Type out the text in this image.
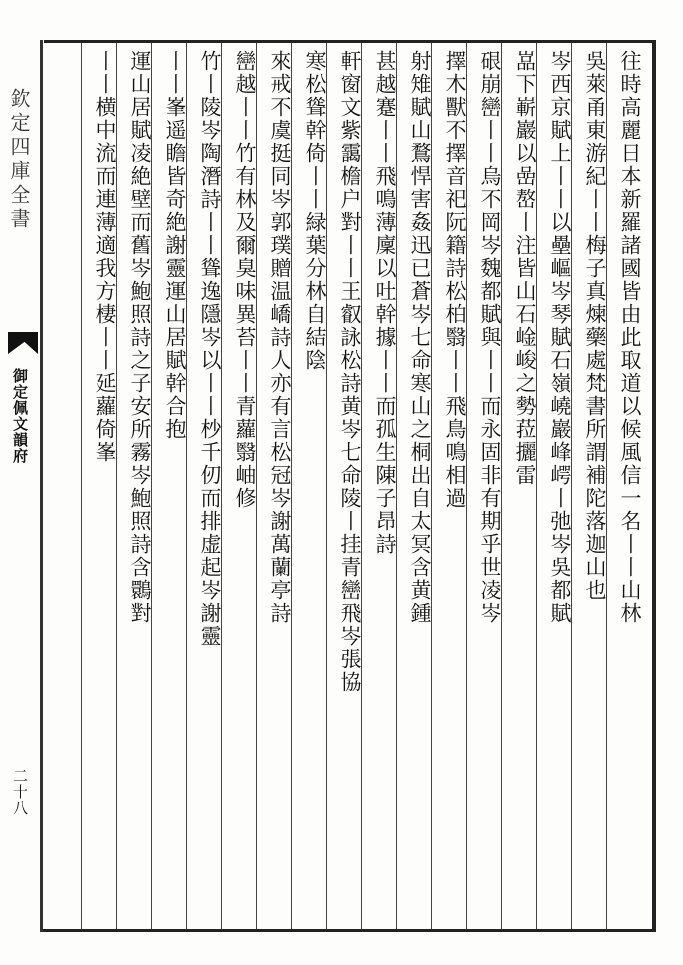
欽定四庫全書
御定佩文韻府
二十八
往時高麗日本新羅諸國皆由此取道以候風信一名丨丨山林
吳萊甬東游紀丨丨梅子真煉藥處梵書所謂補陀落迦山也
岑西京賦上丨丨以壘嶇岑琴賦石嶺嶢巖峰崿丨弛岑吳都賦
嵓下嶄巖以嵒嶅丨注皆山石崯峻之勢菈攦雷
硍崩巒丨丨烏不岡岑魏都賦與丨丨而永固非有期乎世凌岑
擇木獸不擇音祀阮籍詩松柏翳丨丨飛鳥鳴相過
射雉賦山鶩悍害姦迅已蒼岑七命寒山之桐出自太冥含黄鍾
甚越蹇丨丨飛鳴薄廩以吐幹據丨丨而孤生陳子昂詩
軒窗文紫靄檐户對丨丨王叡詠松詩黄岑七命陵丨挂青巒飛岑張協
寒松聳幹倚丨丨緑葉分林自結陰
來戒不虞挺同岑郭璞贈温嶠詩人亦有言松冠岑謝萬蘭亭詩
巒越丨丨竹有林及爾臭味異苔丨丨青蘿翳岫修
竹丨陵岑陶潛詩丨丨聳逸隱岑以丨丨杪千仞而排虚起岑謝靈
丨丨峯遥瞻皆奇絶謝靈運山居賦幹合抱
運山居賦凌絶壁而舊岑鮑照詩之子安所霧岑鮑照詩含䴉對
丨丨横中流而連薄適我方棲丨丨延蘿倚峯
